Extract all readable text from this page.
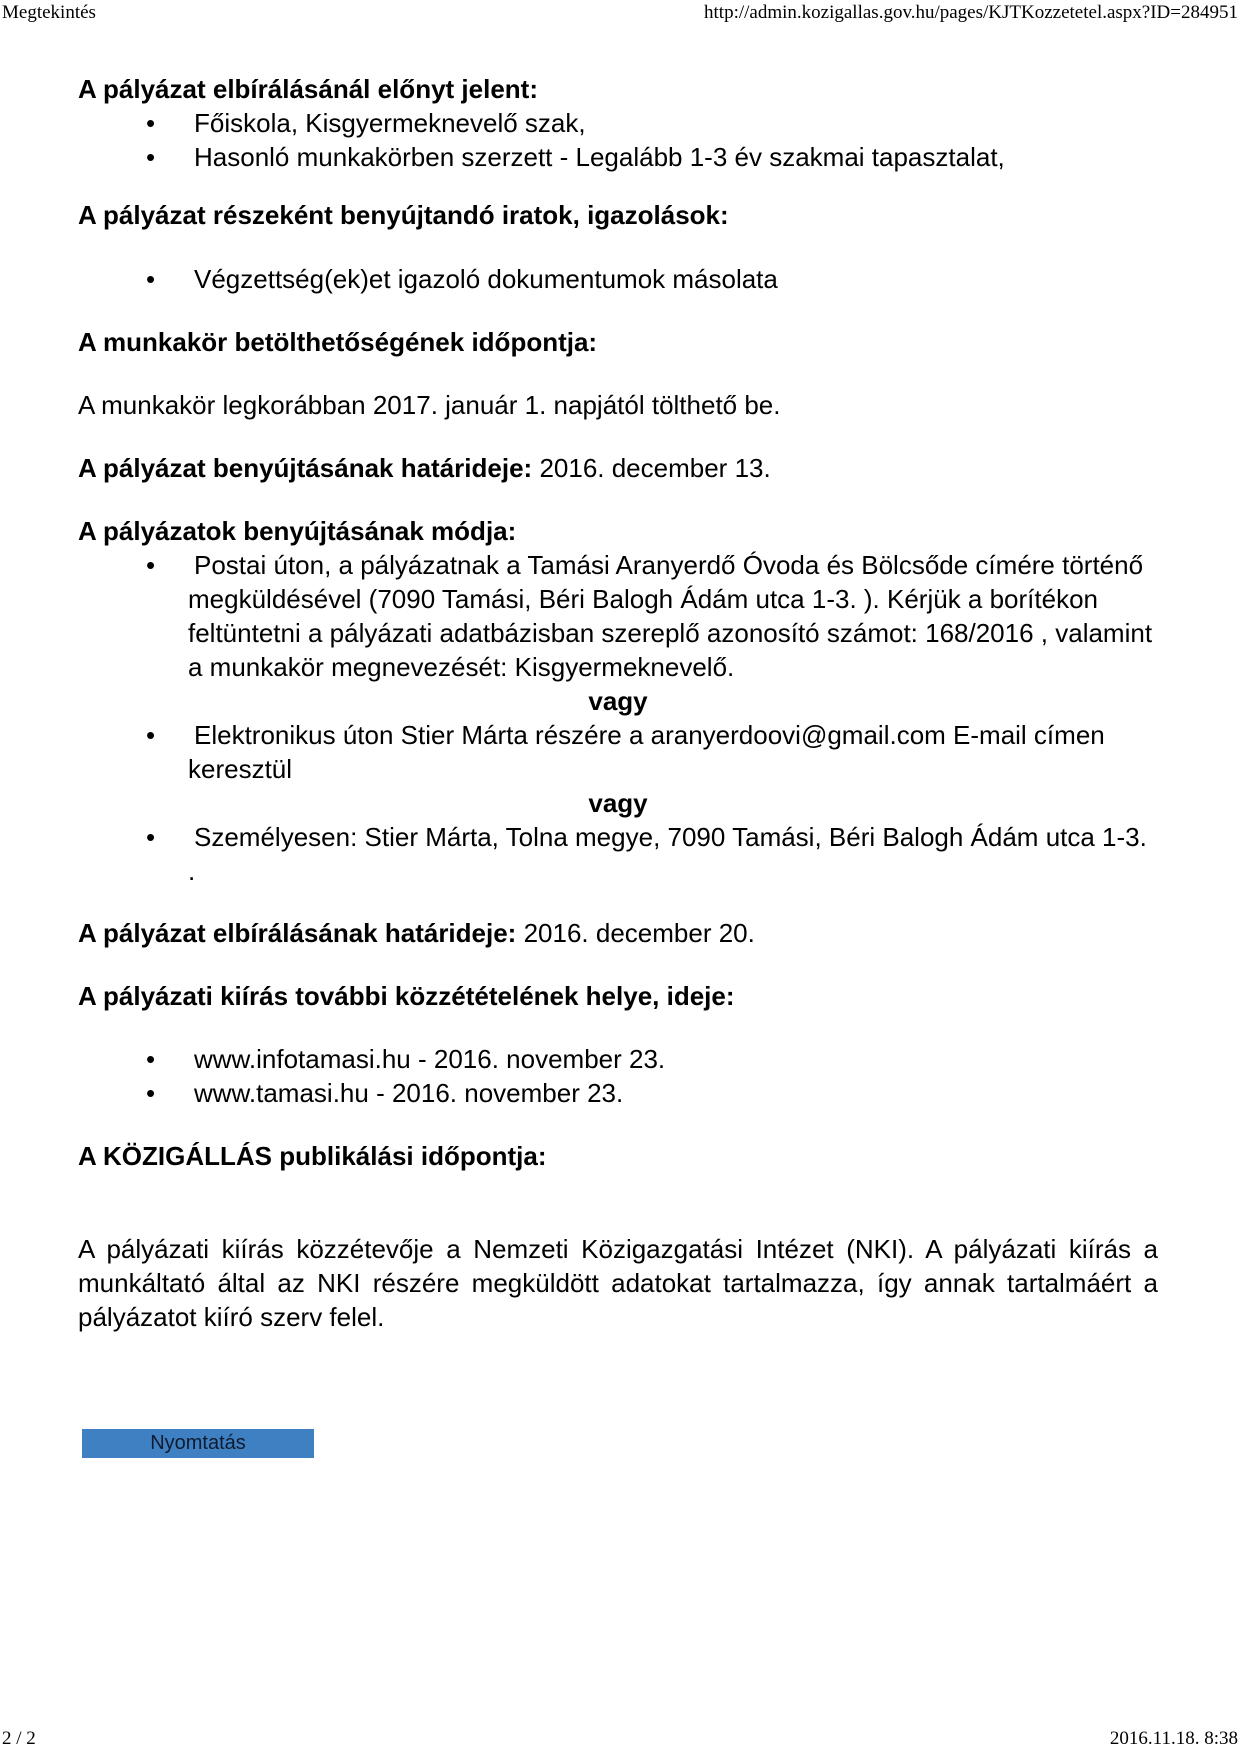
Megtekintés	http://admin.kozigallas.gov.hu/pages/KJTKozzetetel.aspx?ID=284951

A pályázat elbírálásánál előnyt jelent:

• Főiskola, Kisgyermeknevelő szak,
• Hasonló munkakörben szerzett - Legalább 1-3 év szakmai tapasztalat,

A pályázat részeként benyújtandó iratok, igazolások:

• Végzettség(ek)et igazoló dokumentumok másolata

A munkakör betölthetőségének időpontja:

A munkakör legkorábban 2017. január 1. napjától tölthető be.

A pályázat benyújtásának határideje: 2016. december 13.

A pályázatok benyújtásának módja:

• Postai úton, a pályázatnak a Tamási Aranyerdő Óvoda és Bölcsőde címére történő megküldésével (7090 Tamási, Béri Balogh Ádám utca 1-3. ). Kérjük a borítékon feltüntetni a pályázati adatbázisban szereplő azonosító számot: 168/2016 , valamint a munkakör megnevezését: Kisgyermeknevelő.
vagy
• Elektronikus úton Stier Márta részére a aranyerdoovi@gmail.com E-mail címen keresztül
vagy
• Személyesen: Stier Márta, Tolna megye, 7090 Tamási, Béri Balogh Ádám utca 1-3. .

A pályázat elbírálásának határideje: 2016. december 20.

A pályázati kiírás további közzétételének helye, ideje:

• www.infotamasi.hu - 2016. november 23.
• www.tamasi.hu - 2016. november 23.

A KÖZIGÁLLÁS publikálási időpontja:

A pályázati kiírás közzétevője a Nemzeti Közigazgatási Intézet (NKI). A pályázati kiírás a munkáltató által az NKI részére megküldött adatokat tartalmazza, így annak tartalmáért a pályázatot kiíró szerv felel.

Nyomtatás
2 / 2	2016.11.18. 8:38
